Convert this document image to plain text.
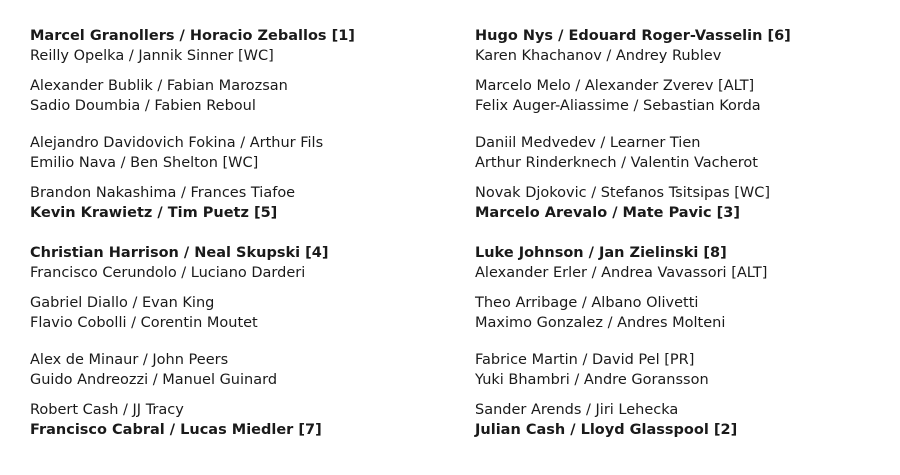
Marcel Granollers / Horacio Zeballos [1]
Reilly Opelka / Jannik Sinner [WC]
Alexander Bublik / Fabian Marozsan
Sadio Doumbia / Fabien Reboul
Alejandro Davidovich Fokina / Arthur Fils
Emilio Nava / Ben Shelton [WC]
Brandon Nakashima / Frances Tiafoe
Kevin Krawietz / Tim Puetz [5]
Christian Harrison / Neal Skupski [4]
Francisco Cerundolo / Luciano Darderi
Gabriel Diallo / Evan King
Flavio Cobolli / Corentin Moutet
Alex de Minaur / John Peers
Guido Andreozzi / Manuel Guinard
Robert Cash / JJ Tracy
Francisco Cabral / Lucas Miedler [7]
Hugo Nys / Edouard Roger-Vasselin [6]
Karen Khachanov / Andrey Rublev
Marcelo Melo / Alexander Zverev [ALT]
Felix Auger-Aliassime / Sebastian Korda
Daniil Medvedev / Learner Tien
Arthur Rinderknech / Valentin Vacherot
Novak Djokovic / Stefanos Tsitsipas [WC]
Marcelo Arevalo / Mate Pavic [3]
Luke Johnson / Jan Zielinski [8]
Alexander Erler / Andrea Vavassori [ALT]
Theo Arribage / Albano Olivetti
Maximo Gonzalez / Andres Molteni
Fabrice Martin / David Pel [PR]
Yuki Bhambri / Andre Goransson
Sander Arends / Jiri Lehecka
Julian Cash / Lloyd Glasspool [2]
